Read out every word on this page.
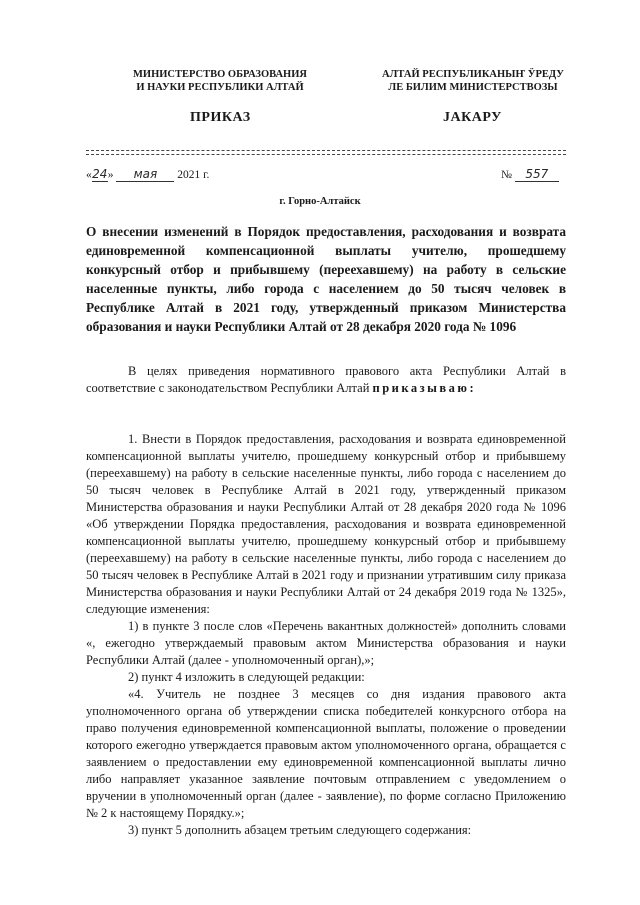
МИНИСТЕРСТВО ОБРАЗОВАНИЯ
И НАУКИ РЕСПУБЛИКИ АЛТАЙ
АЛТАЙ РЕСПУБЛИКАНЫҤ ӰРЕДУ
ЛЕ БИЛИМ МИНИСТЕРСТВОЗЫ
ПРИКАЗ	JАКАРУ
«24» мая 2021 г.	№ 557
г. Горно-Алтайск
О внесении изменений в Порядок предоставления, расходования и возврата единовременной компенсационной выплаты учителю, прошедшему конкурсный отбор и прибывшему (переехавшему) на работу в сельские населенные пункты, либо города с населением до 50 тысяч человек в Республике Алтай в 2021 году, утвержденный приказом Министерства образования и науки Республики Алтай от 28 декабря 2020 года № 1096

В целях приведения нормативного правового акта Республики Алтай в соответствие с законодательством Республики Алтай приказываю:

1. Внести в Порядок предоставления, расходования и возврата единовременной компенсационной выплаты учителю, прошедшему конкурсный отбор и прибывшему (переехавшему) на работу в сельские населенные пункты, либо города с населением до 50 тысяч человек в Республике Алтай в 2021 году, утвержденный приказом Министерства образования и науки Республики Алтай от 28 декабря 2020 года № 1096 «Об утверждении Порядка предоставления, расходования и возврата единовременной компенсационной выплаты учителю, прошедшему конкурсный отбор и прибывшему (переехавшему) на работу в сельские населенные пункты, либо города с населением до 50 тысяч человек в Республике Алтай в 2021 году и признании утратившим силу приказа Министерства образования и науки Республики Алтай от 24 декабря 2019 года № 1325», следующие изменения:

1) в пункте 3 после слов «Перечень вакантных должностей» дополнить словами «, ежегодно утверждаемый правовым актом Министерства образования и науки Республики Алтай (далее - уполномоченный орган),»;

2) пункт 4 изложить в следующей редакции:

«4. Учитель не позднее 3 месяцев со дня издания правового акта уполномоченного органа об утверждении списка победителей конкурсного отбора на право получения единовременной компенсационной выплаты, положение о проведении которого ежегодно утверждается правовым актом уполномоченного органа, обращается с заявлением о предоставлении ему единовременной компенсационной выплаты лично либо направляет указанное заявление почтовым отправлением с уведомлением о вручении в уполномоченный орган (далее - заявление), по форме согласно Приложению № 2 к настоящему Порядку.»;

3) пункт 5 дополнить абзацем третьим следующего содержания:
